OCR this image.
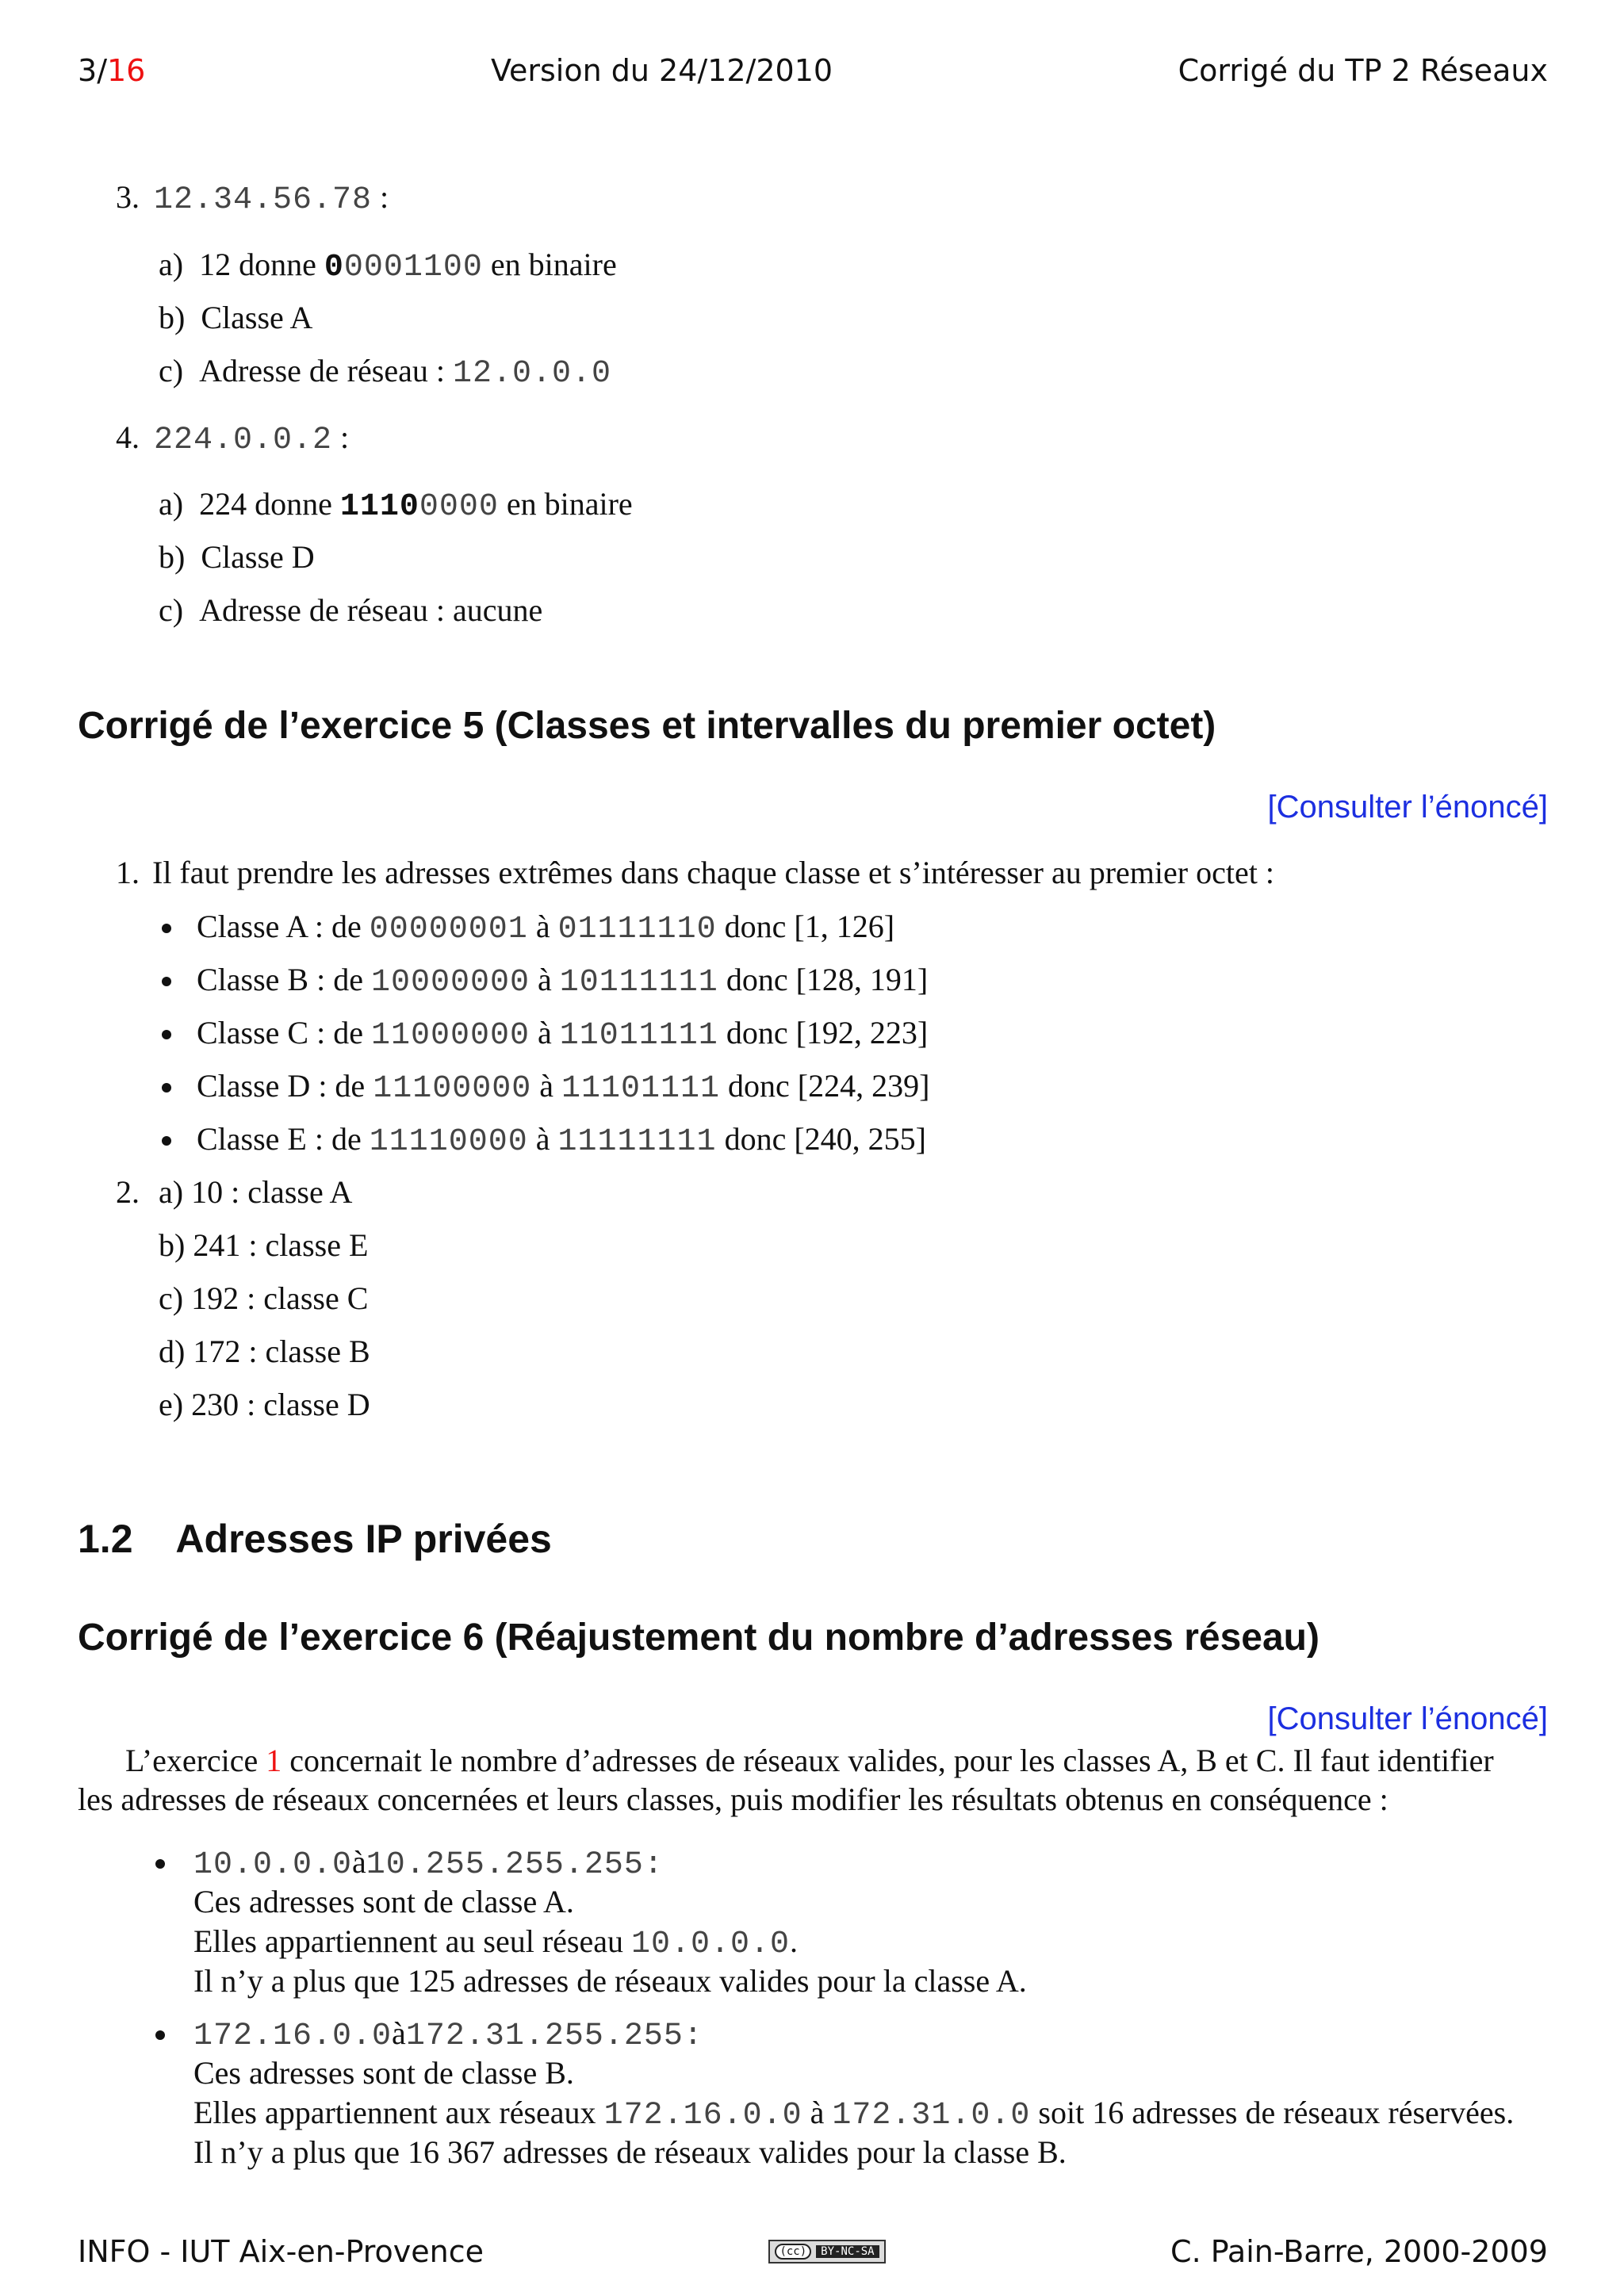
3/16	Version du 24/12/2010	Corrigé du TP 2 Réseaux
3. 12.34.56.78 :
a) 12 donne 00001100 en binaire
b) Classe A
c) Adresse de réseau : 12.0.0.0
4. 224.0.0.2 :
a) 224 donne 11100000 en binaire
b) Classe D
c) Adresse de réseau : aucune
Corrigé de l’exercice 5 (Classes et intervalles du premier octet)
[Consulter l’énoncé]
1. Il faut prendre les adresses extrêmes dans chaque classe et s’intéresser au premier octet :
Classe A : de 00000001 à 01111110 donc [1, 126]
Classe B : de 10000000 à 10111111 donc [128, 191]
Classe C : de 11000000 à 11011111 donc [192, 223]
Classe D : de 11100000 à 11101111 donc [224, 239]
Classe E : de 11110000 à 11111111 donc [240, 255]
2. a) 10 : classe A
b) 241 : classe E
c) 192 : classe C
d) 172 : classe B
e) 230 : classe D
1.2 Adresses IP privées
Corrigé de l’exercice 6 (Réajustement du nombre d’adresses réseau)
[Consulter l’énoncé]
L’exercice 1 concernait le nombre d’adresses de réseaux valides, pour les classes A, B et C. Il faut identifier
les adresses de réseaux concernées et leurs classes, puis modifier les résultats obtenus en conséquence :
10.0.0.0à10.255.255.255:
Ces adresses sont de classe A.
Elles appartiennent au seul réseau 10.0.0.0.
Il n’y a plus que 125 adresses de réseaux valides pour la classe A.
172.16.0.0à172.31.255.255:
Ces adresses sont de classe B.
Elles appartiennent aux réseaux 172.16.0.0 à 172.31.0.0 soit 16 adresses de réseaux réservées.
Il n’y a plus que 16 367 adresses de réseaux valides pour la classe B.
INFO - IUT Aix-en-Provence	(cc)	BY-NC-SA	C. Pain-Barre, 2000-2009
